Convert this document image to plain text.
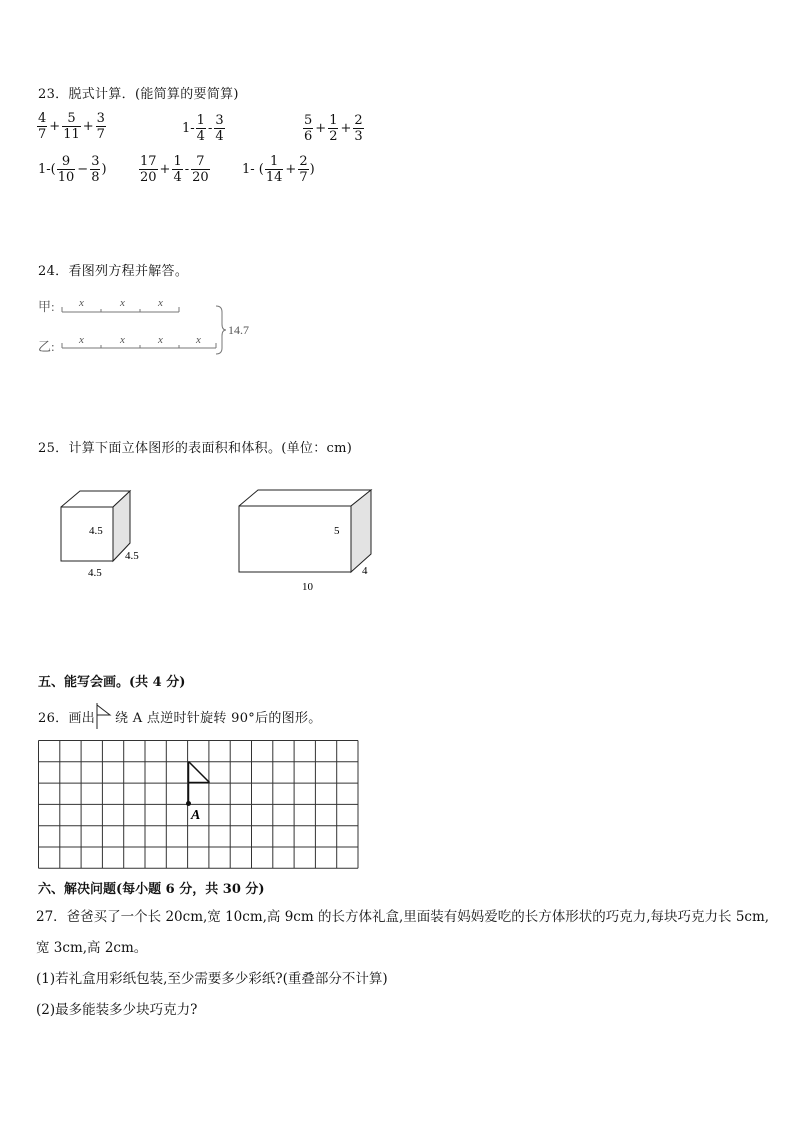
23．脱式计算．(能简算的要简算)
$\frac{4}{7} + \frac{5}{11} + \frac{3}{7}$	$1- \frac{1}{4} - \frac{3}{4}$	$\frac{5}{6} + \frac{1}{2} + \frac{2}{3}$
$1-( \frac{9}{10} - \frac{3}{8}$ ) $\frac{17}{20} + \frac{1}{4} - \frac{7}{20} 1-$ ( $\frac{1}{14} + \frac{2}{7}$ )
24．看图列方程并解答。
甲:
乙:
x	x	x
x	x	x	x
14.7
25．计算下面立体图形的表面积和体积。(单位：cm)
4.5
4.5
4.5
5
4
10
五、能写会画。(共 4 分)
26．画出 绕 A 点逆时针旋转 90°后的图形。
A
六、解决问题(每小题 6 分，共 30 分)
27．爸爸买了一个长 20cm,宽 10cm,高 9cm 的长方体礼盒,里面装有妈妈爱吃的长方体形状的巧克力,每块巧克力长 5cm,
宽 3cm,高 2cm。
(1)若礼盒用彩纸包装,至少需要多少彩纸?(重叠部分不计算)
(2)最多能装多少块巧克力?
